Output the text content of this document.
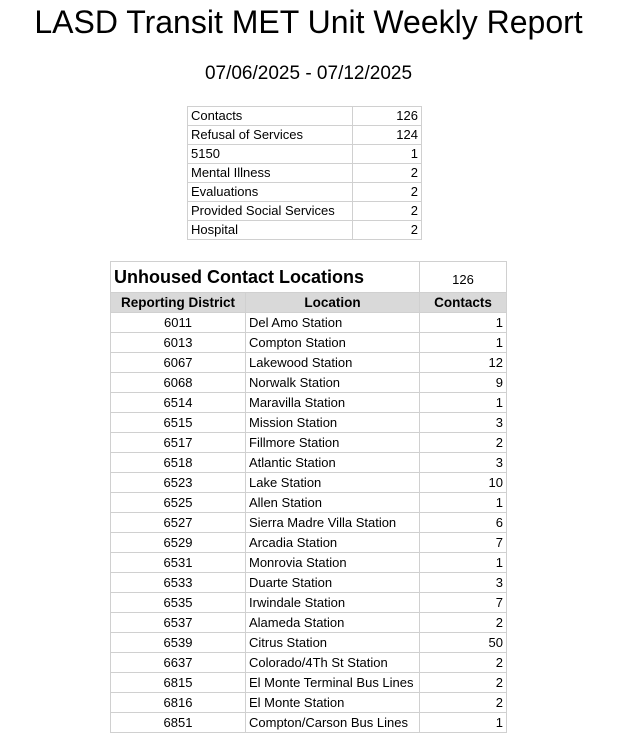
LASD Transit MET Unit Weekly Report
07/06/2025 - 07/12/2025
Contacts	126
Refusal of Services	124
5150	1
Mental Illness	2
Evaluations	2
Provided Social Services	2
Hospital	2
Unhoused Contact Locations		126
Reporting District	Location	Contacts
6011	Del Amo Station	1
6013	Compton Station	1
6067	Lakewood Station	12
6068	Norwalk Station	9
6514	Maravilla Station	1
6515	Mission Station	3
6517	Fillmore Station	2
6518	Atlantic Station	3
6523	Lake Station	10
6525	Allen Station	1
6527	Sierra Madre Villa Station	6
6529	Arcadia Station	7
6531	Monrovia Station	1
6533	Duarte Station	3
6535	Irwindale Station	7
6537	Alameda Station	2
6539	Citrus Station	50
6637	Colorado/4Th St Station	2
6815	El Monte Terminal Bus Lines	2
6816	El Monte Station	2
6851	Compton/Carson Bus Lines	1
